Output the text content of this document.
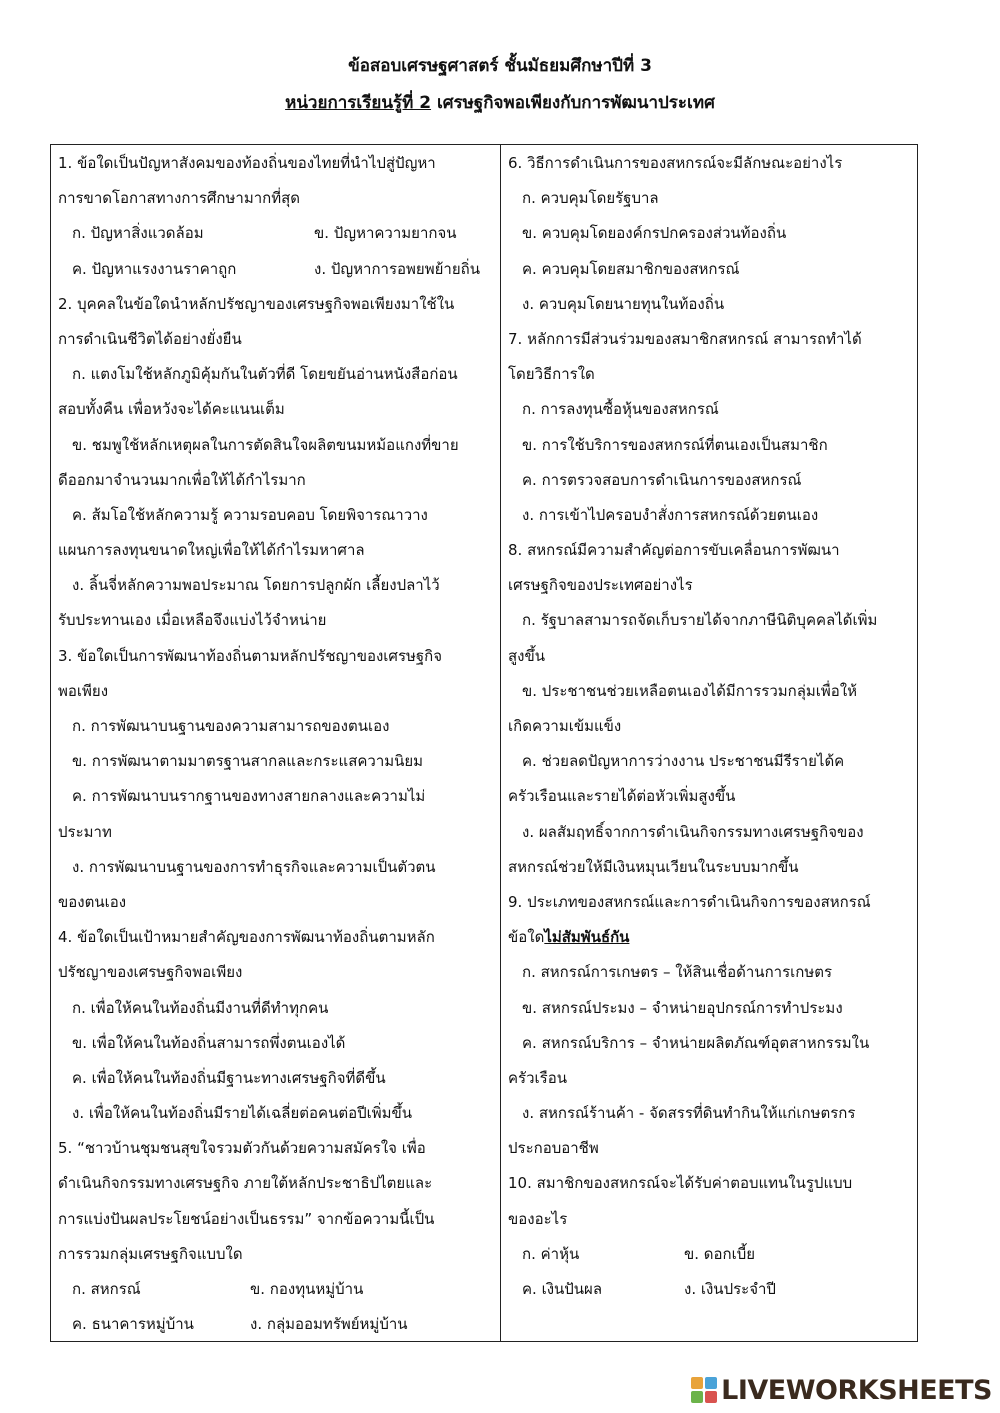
ข้อสอบเศรษฐศาสตร์ ชั้นมัธยมศึกษาปีที่ 3
หน่วยการเรียนรู้ที่ 2 เศรษฐกิจพอเพียงกับการพัฒนาประเทศ
1. ข้อใดเป็นปัญหาสังคมของท้องถิ่นของไทยที่นำไปสู่ปัญหา
การขาดโอกาสทางการศึกษามากที่สุด
ก. ปัญหาสิ่งแวดล้อม	ข. ปัญหาความยากจน
ค. ปัญหาแรงงานราคาถูก	ง. ปัญหาการอพยพย้ายถิ่น
2. บุคคลในข้อใดนำหลักปรัชญาของเศรษฐกิจพอเพียงมาใช้ใน
การดำเนินชีวิตได้อย่างยั่งยืน
ก. แตงโมใช้หลักภูมิคุ้มกันในตัวที่ดี โดยขยันอ่านหนังสือก่อน
สอบทั้งคืน เพื่อหวังจะได้คะแนนเต็ม
ข. ชมพูใช้หลักเหตุผลในการตัดสินใจผลิตขนมหม้อแกงที่ขาย
ดีออกมาจำนวนมากเพื่อให้ได้กำไรมาก
ค. ส้มโอใช้หลักความรู้ ความรอบคอบ โดยพิจารณาวาง
แผนการลงทุนขนาดใหญ่เพื่อให้ได้กำไรมหาศาล
ง. ลิ้นจี่หลักความพอประมาณ โดยการปลูกผัก เลี้ยงปลาไว้
รับประทานเอง เมื่อเหลือจึงแบ่งไว้จำหน่าย
3. ข้อใดเป็นการพัฒนาท้องถิ่นตามหลักปรัชญาของเศรษฐกิจ
พอเพียง
ก. การพัฒนาบนฐานของความสามารถของตนเอง
ข. การพัฒนาตามมาตรฐานสากลและกระแสความนิยม
ค. การพัฒนาบนรากฐานของทางสายกลางและความไม่
ประมาท
ง. การพัฒนาบนฐานของการทำธุรกิจและความเป็นตัวตน
ของตนเอง
4. ข้อใดเป็นเป้าหมายสำคัญของการพัฒนาท้องถิ่นตามหลัก
ปรัชญาของเศรษฐกิจพอเพียง
ก. เพื่อให้คนในท้องถิ่นมีงานที่ดีทำทุกคน
ข. เพื่อให้คนในท้องถิ่นสามารถพึ่งตนเองได้
ค. เพื่อให้คนในท้องถิ่นมีฐานะทางเศรษฐกิจที่ดีขึ้น
ง. เพื่อให้คนในท้องถิ่นมีรายได้เฉลี่ยต่อคนต่อปีเพิ่มขึ้น
5. “ชาวบ้านชุมชนสุขใจรวมตัวกันด้วยความสมัครใจ เพื่อ
ดำเนินกิจกรรมทางเศรษฐกิจ ภายใต้หลักประชาธิปไตยและ
การแบ่งปันผลประโยชน์อย่างเป็นธรรม” จากข้อความนี้เป็น
การรวมกลุ่มเศรษฐกิจแบบใด
ก. สหกรณ์	ข. กองทุนหมู่บ้าน
ค. ธนาคารหมู่บ้าน	ง. กลุ่มออมทรัพย์หมู่บ้าน
6. วิธีการดำเนินการของสหกรณ์จะมีลักษณะอย่างไร
ก. ควบคุมโดยรัฐบาล
ข. ควบคุมโดยองค์กรปกครองส่วนท้องถิ่น
ค. ควบคุมโดยสมาชิกของสหกรณ์
ง. ควบคุมโดยนายทุนในท้องถิ่น
7. หลักการมีส่วนร่วมของสมาชิกสหกรณ์ สามารถทำได้
โดยวิธีการใด
ก. การลงทุนซื้อหุ้นของสหกรณ์
ข. การใช้บริการของสหกรณ์ที่ตนเองเป็นสมาชิก
ค. การตรวจสอบการดำเนินการของสหกรณ์
ง. การเข้าไปครอบงำสั่งการสหกรณ์ด้วยตนเอง
8. สหกรณ์มีความสำคัญต่อการขับเคลื่อนการพัฒนา
เศรษฐกิจของประเทศอย่างไร
ก. รัฐบาลสามารถจัดเก็บรายได้จากภาษีนิติบุคคลได้เพิ่ม
สูงขึ้น
ข. ประชาชนช่วยเหลือตนเองได้มีการรวมกลุ่มเพื่อให้
เกิดความเข้มแข็ง
ค. ช่วยลดปัญหาการว่างงาน ประชาชนมีรีรายได้ค
ครัวเรือนและรายได้ต่อหัวเพิ่มสูงขึ้น
ง. ผลสัมฤทธิ์จากการดำเนินกิจกรรมทางเศรษฐกิจของ
สหกรณ์ช่วยให้มีเงินหมุนเวียนในระบบมากขึ้น
9. ประเภทของสหกรณ์และการดำเนินกิจการของสหกรณ์
ข้อใดไม่สัมพันธ์กัน
ก. สหกรณ์การเกษตร – ให้สินเชื่อด้านการเกษตร
ข. สหกรณ์ประมง – จำหน่ายอุปกรณ์การทำประมง
ค. สหกรณ์บริการ – จำหน่ายผลิตภัณฑ์อุตสาหกรรมใน
ครัวเรือน
ง. สหกรณ์ร้านค้า - จัดสรรที่ดินทำกินให้แก่เกษตรกร
ประกอบอาชีพ
10. สมาชิกของสหกรณ์จะได้รับค่าตอบแทนในรูปแบบ
ของอะไร
ก. ค่าหุ้น	ข. ดอกเบี้ย
ค. เงินปันผล	ง. เงินประจำปี
LIVEWORKSHEETS
